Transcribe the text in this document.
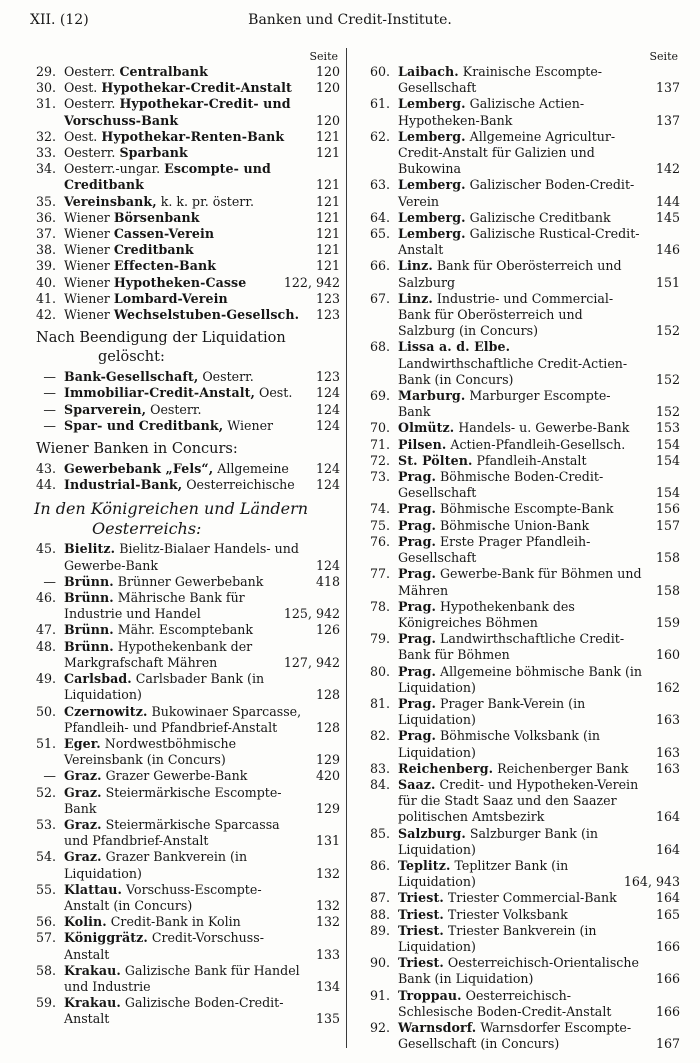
XII. (12)	Banken und Credit-Institute.
Seite
29. Oesterr. Centralbank	120
30. Oest. Hypothekar-Credit-Anstalt	120
31. Oesterr. Hypothekar-Credit- und Vorschuss-Bank	120
32. Oest. Hypothekar-Renten-Bank	121
33. Oesterr. Sparbank	121
34. Oesterr.-ungar. Escompte- und Creditbank	121
35. Vereinsbank, k. k. pr. österr.	121
36. Wiener Börsenbank	121
37. Wiener Cassen-Verein	121
38. Wiener Creditbank	121
39. Wiener Effecten-Bank	121
40. Wiener Hypotheken-Casse	122, 942
41. Wiener Lombard-Verein	123
42. Wiener Wechselstuben-Gesellsch. 123
Nach Beendigung der Liquidation
gelöscht:
— Bank-Gesellschaft, Oesterr.	123
— Immobiliar-Credit-Anstalt, Oest.	124
— Sparverein, Oesterr.	124
— Spar- und Creditbank, Wiener	124
Wiener Banken in Concurs:
43. Gewerbebank „Fels“, Allgemeine	124
44. Industrial-Bank, Oesterreichische	124
In den Königreichen und Ländern
Oesterreichs:
45. Bielitz. Bielitz-Bialaer Handels- und Gewerbe-Bank	124
— Brünn. Brünner Gewerbebank	418
46. Brünn. Mährische Bank für Industrie und Handel	125, 942
47. Brünn. Mähr. Escomptebank	126
48. Brünn. Hypothekenbank der Markgrafschaft Mähren	127, 942
49. Carlsbad. Carlsbader Bank (in Liquidation)	128
50. Czernowitz. Bukowinaer Sparcasse, Pfandleih- und Pfandbrief-Anstalt	128
51. Eger. Nordwestböhmische Vereinsbank (in Concurs)	129
— Graz. Grazer Gewerbe-Bank	420
52. Graz. Steiermärkische Escompte-Bank	129
53. Graz. Steiermärkische Sparcassa und Pfandbrief-Anstalt	131
54. Graz. Grazer Bankverein (in Liquidation)	132
55. Klattau. Vorschuss-Escompte-Anstalt (in Concurs)	132
56. Kolin. Credit-Bank in Kolin	132
57. Königgrätz. Credit-Vorschuss-Anstalt	133
58. Krakau. Galizische Bank für Handel und Industrie	134
59. Krakau. Galizische Boden-Credit-Anstalt	135
Seite
60. Laibach. Krainische Escompte-Gesellschaft	137
61. Lemberg. Galizische Actien-Hypotheken-Bank	137
62. Lemberg. Allgemeine Agricultur-Credit-Anstalt für Galizien und Bukowina	142
63. Lemberg. Galizischer Boden-Credit-Verein	144
64. Lemberg. Galizische Creditbank	145
65. Lemberg. Galizische Rustical-Credit-Anstalt	146
66. Linz. Bank für Oberösterreich und Salzburg	151
67. Linz. Industrie- und Commercial-Bank für Oberösterreich und Salzburg (in Concurs)	152
68. Lissa a. d. Elbe. Landwirthschaftliche Credit-Actien-Bank (in Concurs)	152
69. Marburg. Marburger Escompte-Bank	152
70. Olmütz. Handels- u. Gewerbe-Bank	153
71. Pilsen. Actien-Pfandleih-Gesellsch.	154
72. St. Pölten. Pfandleih-Anstalt	154
73. Prag. Böhmische Boden-Credit-Gesellschaft	154
74. Prag. Böhmische Escompte-Bank	156
75. Prag. Böhmische Union-Bank	157
76. Prag. Erste Prager Pfandleih-Gesellschaft	158
77. Prag. Gewerbe-Bank für Böhmen und Mähren	158
78. Prag. Hypothekenbank des Königreiches Böhmen	159
79. Prag. Landwirthschaftliche Credit-Bank für Böhmen	160
80. Prag. Allgemeine böhmische Bank (in Liquidation)	162
81. Prag. Prager Bank-Verein (in Liquidation)	163
82. Prag. Böhmische Volksbank (in Liquidation)	163
83. Reichenberg. Reichenberger Bank	163
84. Saaz. Credit- und Hypotheken-Verein für die Stadt Saaz und den Saazer politischen Amtsbezirk	164
85. Salzburg. Salzburger Bank (in Liquidation)	164
86. Teplitz. Teplitzer Bank (in Liquidation)	164, 943
87. Triest. Triester Commercial-Bank	164
88. Triest. Triester Volksbank	165
89. Triest. Triester Bankverein (in Liquidation)	166
90. Triest. Oesterreichisch-Orientalische Bank (in Liquidation)	166
91. Troppau. Oesterreichisch-Schlesische Boden-Credit-Anstalt	166
92. Warnsdorf. Warnsdorfer Escompte-Gesellschaft (in Concurs)	167
